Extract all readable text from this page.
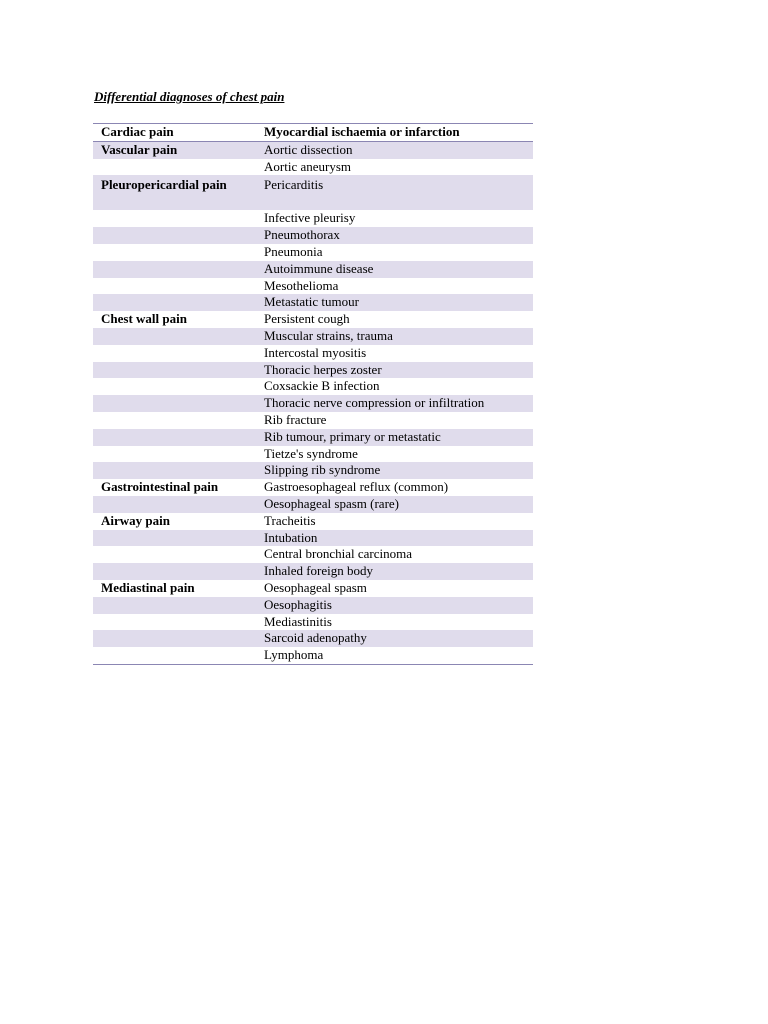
Differential diagnoses of chest pain
Cardiac pain	Myocardial ischaemia or infarction
Vascular pain	Aortic dissection
	Aortic aneurysm
Pleuropericardial pain	Pericarditis
	Infective pleurisy
	Pneumothorax
	Pneumonia
	Autoimmune disease
	Mesothelioma
	Metastatic tumour
Chest wall pain	Persistent cough
	Muscular strains, trauma
	Intercostal myositis
	Thoracic herpes zoster
	Coxsackie B infection
	Thoracic nerve compression or infiltration
	Rib fracture
	Rib tumour, primary or metastatic
	Tietze's syndrome
	Slipping rib syndrome
Gastrointestinal pain	Gastroesophageal reflux (common)
	Oesophageal spasm (rare)
Airway pain	Tracheitis
	Intubation
	Central bronchial carcinoma
	Inhaled foreign body
Mediastinal pain	Oesophageal spasm
	Oesophagitis
	Mediastinitis
	Sarcoid adenopathy
	Lymphoma
